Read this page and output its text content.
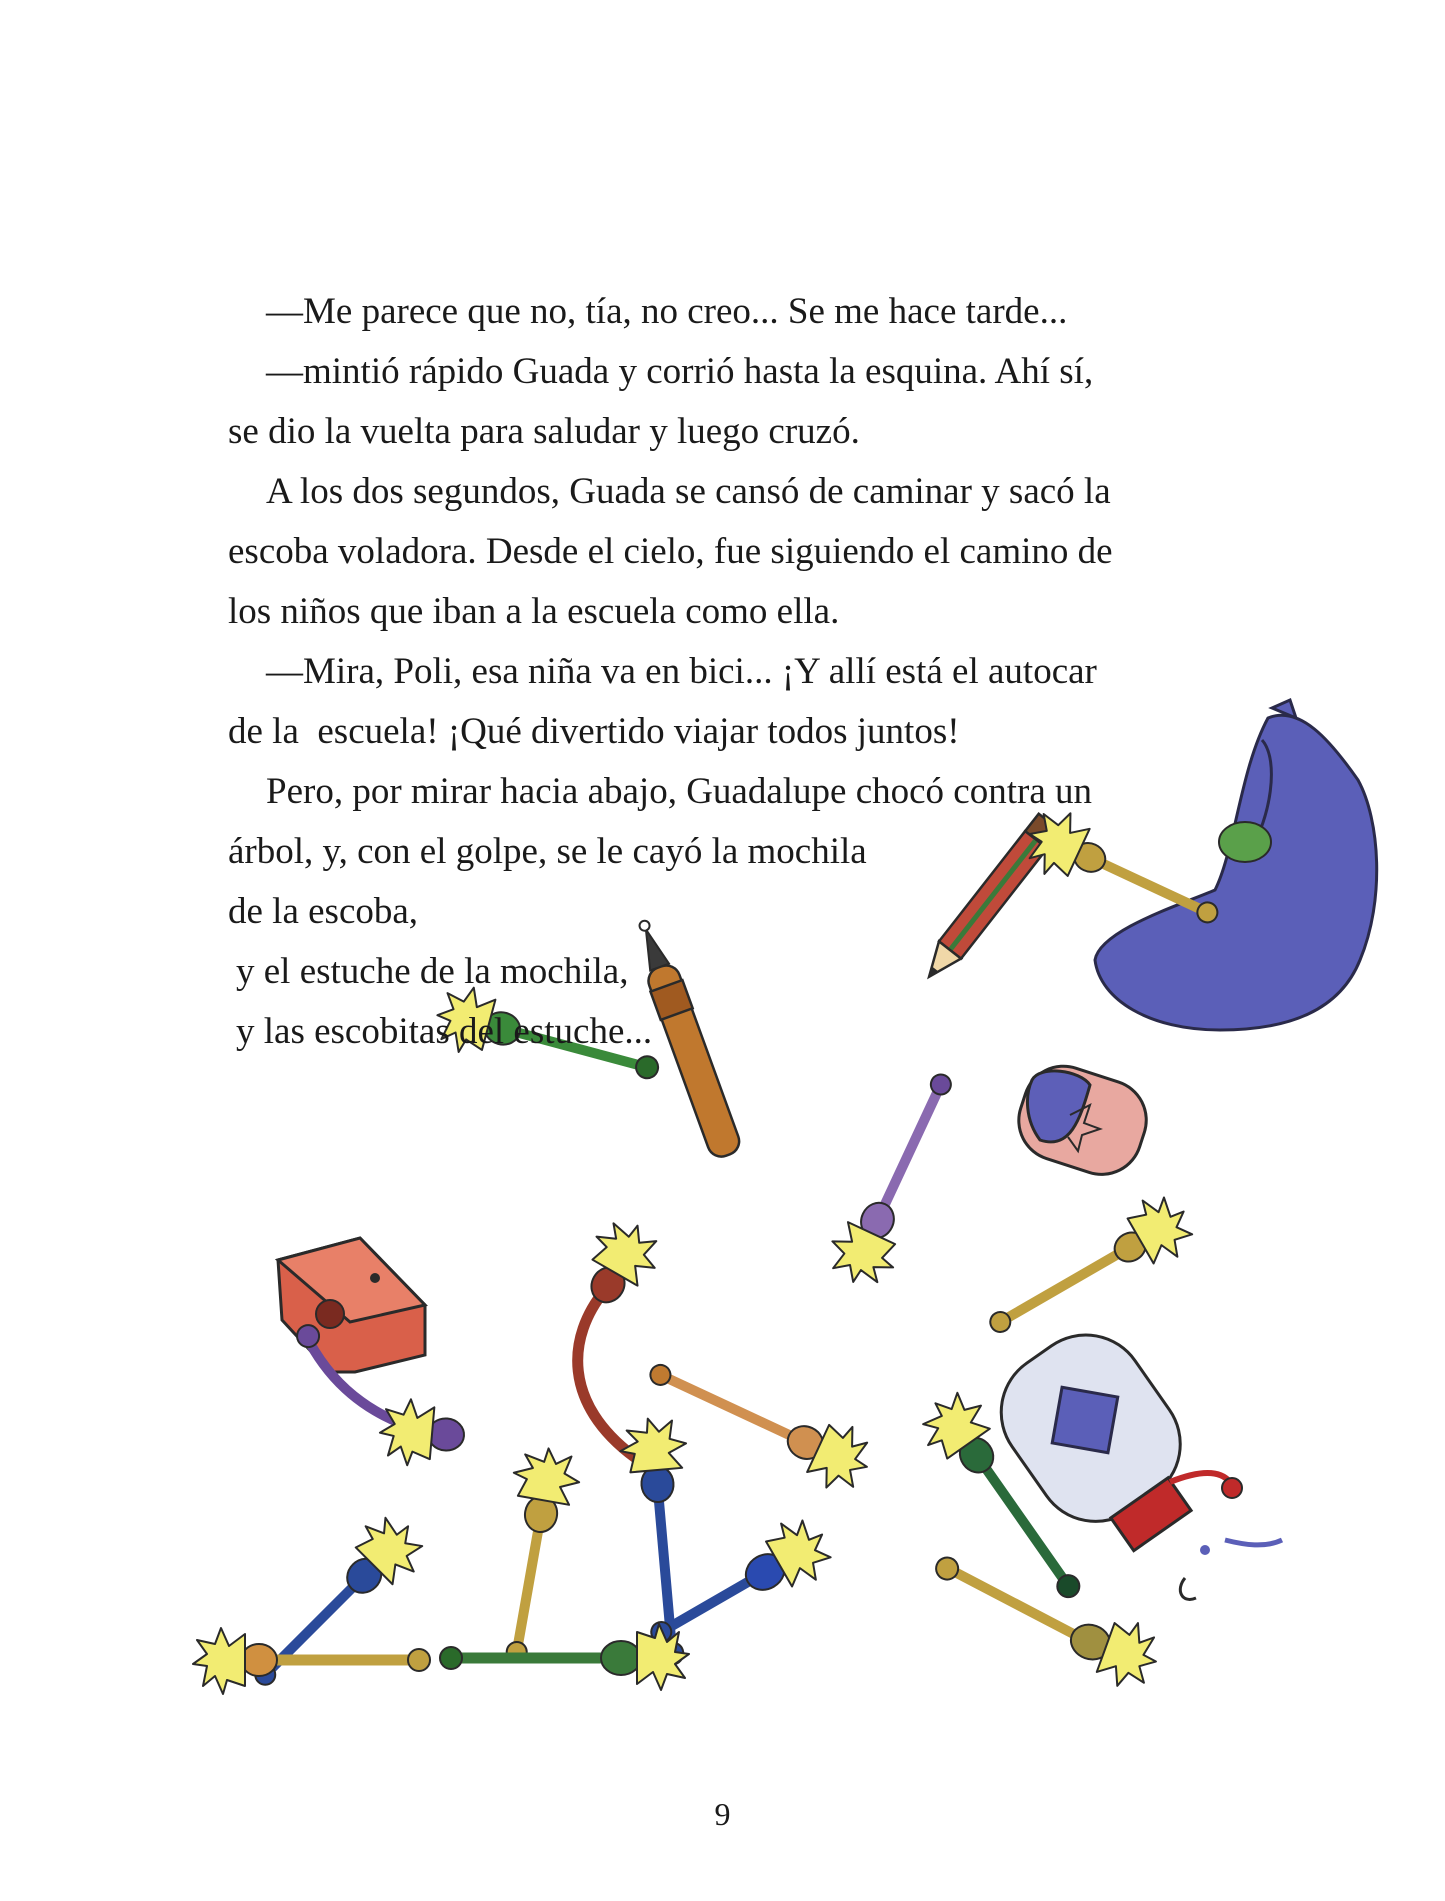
—Me parece que no, tía, no creo... Se me hace tarde...
—mintió rápido Guada y corrió hasta la esquina. Ahí sí,
se dio la vuelta para saludar y luego cruzó.
A los dos segundos, Guada se cansó de caminar y sacó la
escoba voladora. Desde el cielo, fue siguiendo el camino de
los niños que iban a la escuela como ella.
—Mira, Poli, esa niña va en bici... ¡Y allí está el autocar
de la  escuela! ¡Qué divertido viajar todos juntos!
Pero, por mirar hacia abajo, Guadalupe chocó contra un
árbol, y, con el golpe, se le cayó la mochila
de la escoba,
y el estuche de la mochila,
y las escobitas del estuche...
9
